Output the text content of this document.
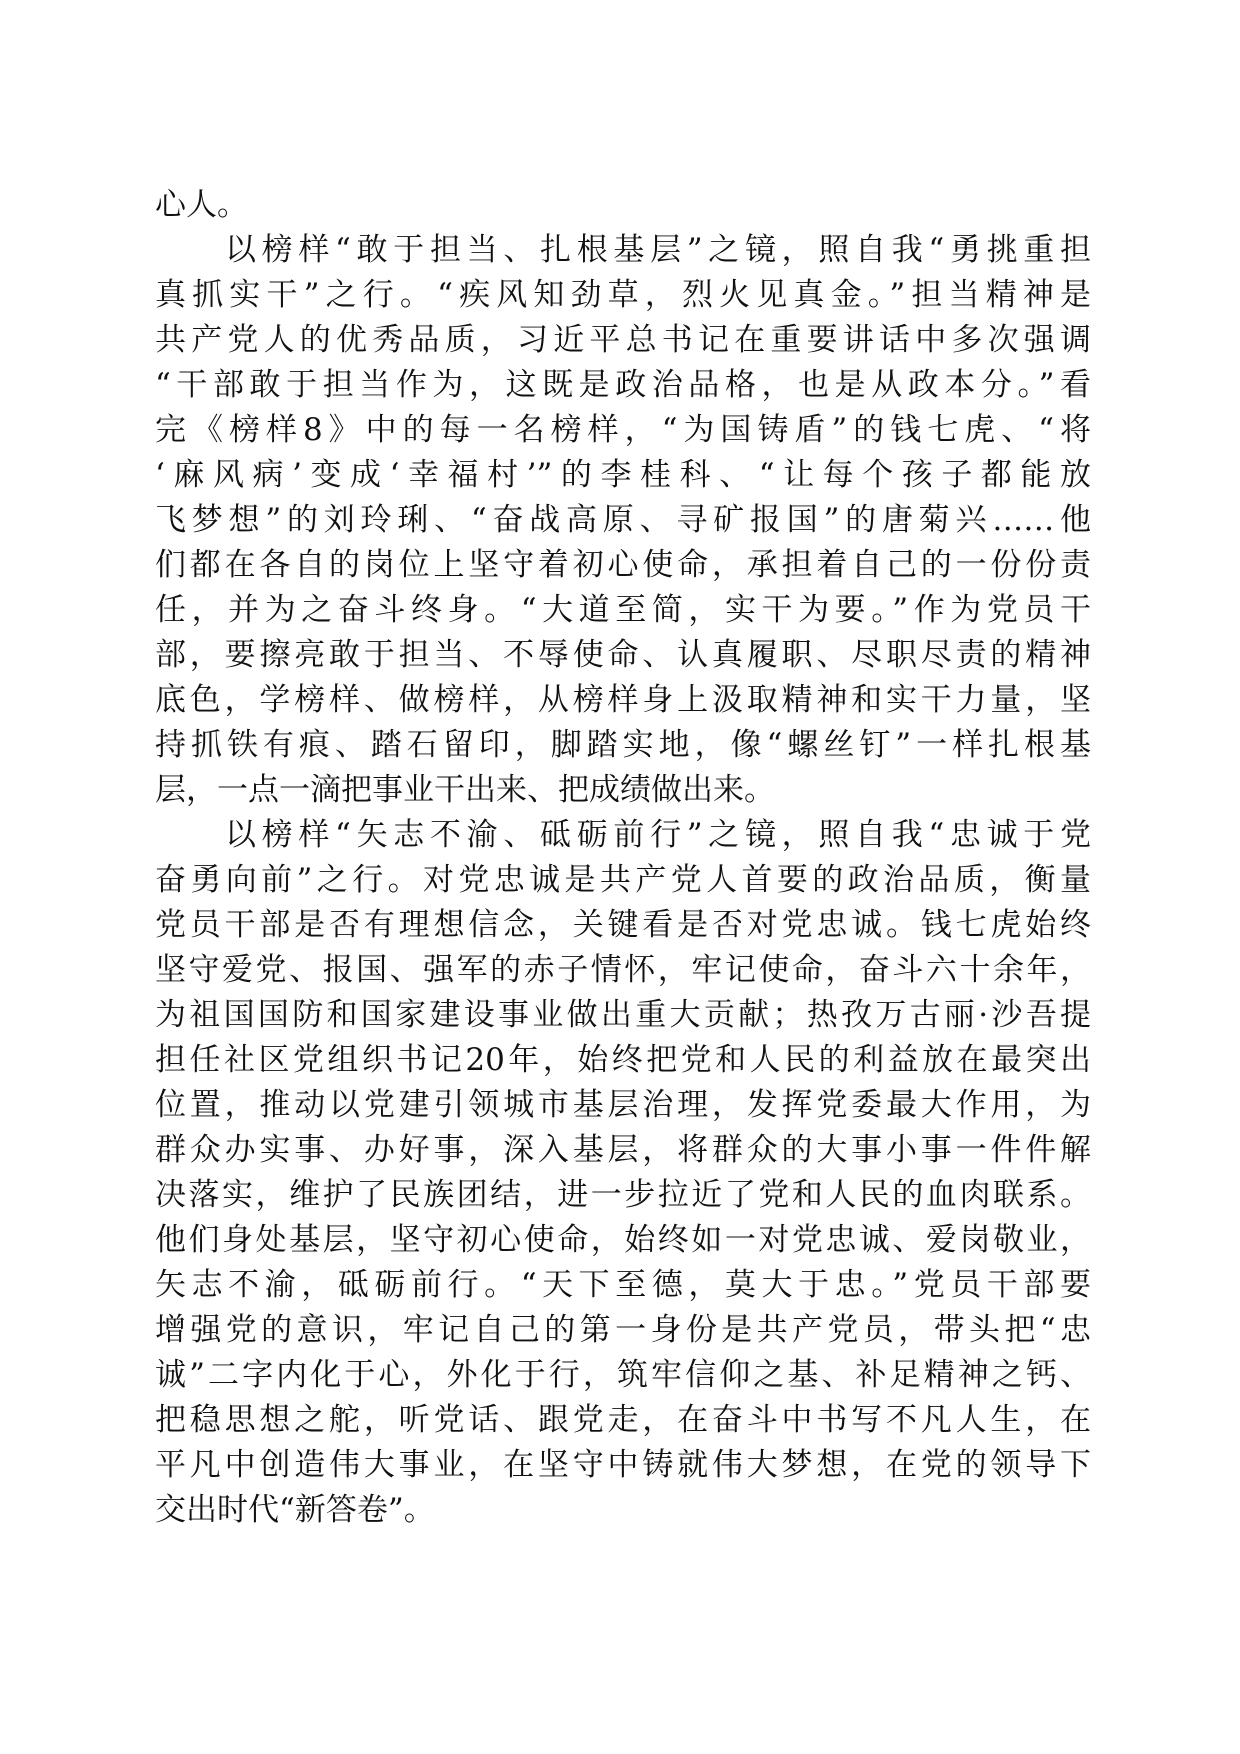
心人。
以榜样“敢于担当、扎根基层”之镜，照自我“勇挑重担
真抓实干”之行。“疾风知劲草，烈火见真金。”担当精神是
共产党人的优秀品质，习近平总书记在重要讲话中多次强调
“干部敢于担当作为，这既是政治品格，也是从政本分。”看
完《榜样8》中的每一名榜样，“为国铸盾”的钱七虎、“将
‘麻风病’变成‘幸福村’”的李桂科、“让每个孩子都能放
飞梦想”的刘玲琍、“奋战高原、寻矿报国”的唐菊兴……他
们都在各自的岗位上坚守着初心使命，承担着自己的一份份责
任，并为之奋斗终身。“大道至简，实干为要。”作为党员干
部，要擦亮敢于担当、不辱使命、认真履职、尽职尽责的精神
底色，学榜样、做榜样，从榜样身上汲取精神和实干力量，坚
持抓铁有痕、踏石留印，脚踏实地，像“螺丝钉”一样扎根基
层，一点一滴把事业干出来、把成绩做出来。
以榜样“矢志不渝、砥砺前行”之镜，照自我“忠诚于党
奋勇向前”之行。对党忠诚是共产党人首要的政治品质，衡量
党员干部是否有理想信念，关键看是否对党忠诚。钱七虎始终
坚守爱党、报国、强军的赤子情怀，牢记使命，奋斗六十余年，
为祖国国防和国家建设事业做出重大贡献；热孜万古丽·沙吾提
担任社区党组织书记20年，始终把党和人民的利益放在最突出
位置，推动以党建引领城市基层治理，发挥党委最大作用，为
群众办实事、办好事，深入基层，将群众的大事小事一件件解
决落实，维护了民族团结，进一步拉近了党和人民的血肉联系。
他们身处基层，坚守初心使命，始终如一对党忠诚、爱岗敬业，
矢志不渝，砥砺前行。“天下至德，莫大于忠。”党员干部要
增强党的意识，牢记自己的第一身份是共产党员，带头把“忠
诚”二字内化于心，外化于行，筑牢信仰之基、补足精神之钙、
把稳思想之舵，听党话、跟党走，在奋斗中书写不凡人生，在
平凡中创造伟大事业，在坚守中铸就伟大梦想，在党的领导下
交出时代“新答卷”。
